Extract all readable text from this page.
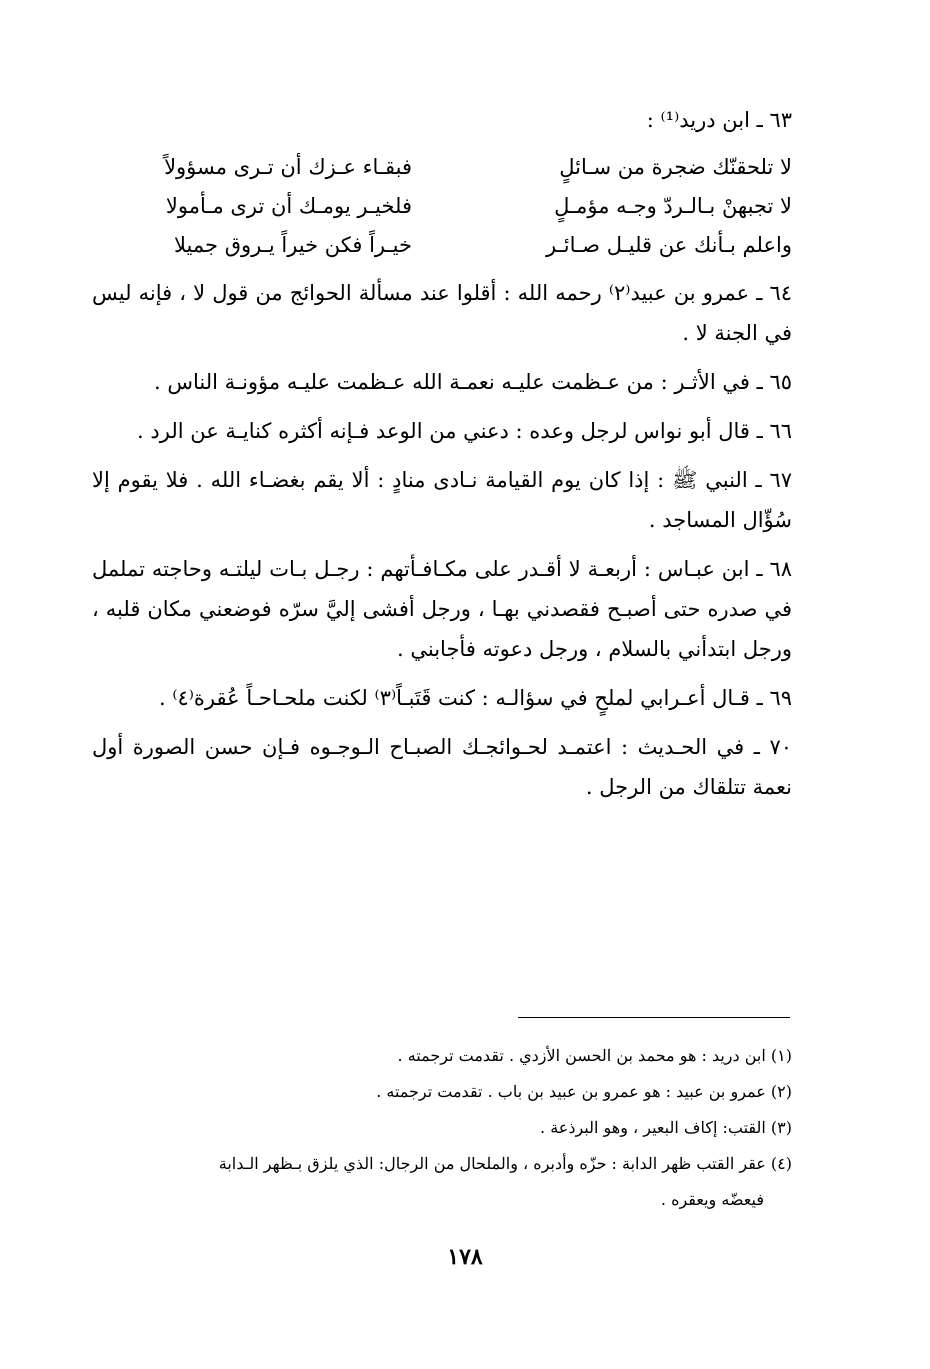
٦٣ ـ ابن دريد⁽¹⁾ :
لا تلحقنّك ضجرة من سـائلٍ
فبقـاء عـزك أن تـرى مسؤولاً
لا تجبهنْ بـالـردّ وجـه مؤمـلٍ
فلخيـر يومـك أن ترى مـأمولا
واعلم بـأنك عن قليـل صـائـر
خيـراً فكن خيراً يـروق جميلا

٦٤ ـ عمرو بن عبيد⁽٢⁾ رحمه الله : أقلوا عند مسألة الحوائج من قول لا ، فإنه ليس في الجنة لا .

٦٥ ـ في الأثـر : من عـظمت عليـه نعمـة الله عـظمت عليـه مؤونـة الناس .

٦٦ ـ قال أبو نواس لرجل وعده : دعني من الوعد فـإنه أكثره كنايـة عن الرد .

٦٧ ـ النبي ﷺ : إذا كان يوم القيامة نـادى منادٍ : ألا يقم بغضـاء الله . فلا يقوم إلا سُؤّال المساجد .

٦٨ ـ ابن عبـاس : أربعـة لا أقـدر على مكـافـأتهم : رجـل بـات ليلتـه وحاجته تململ في صدره حتى أصبـح فقصدني بهـا ، ورجل أفشى إليَّ سرّه فوضعني مكان قلبه ، ورجل ابتدأني بالسلام ، ورجل دعوته فأجابني .

٦٩ ـ قـال أعـرابي لملحٍ في سؤالـه : كنت قَتَبـاً⁽٣⁾ لكنت ملحـاحـاً عُقرة⁽٤⁾ .

٧٠ ـ في الحـديث : اعتمـد لحـوائجـك الصبـاح الـوجـوه فـإن حسن الصورة أول نعمة تتلقاك من الرجل .

(١) ابن دريد : هو محمد بن الحسن الأزدي . تقدمت ترجمته .
(٢) عمرو بن عبيد : هو عمرو بن عبيد بن باب . تقدمت ترجمته .
(٣) القتب: إكاف البعير ، وهو البرذعة .
(٤) عقر القتب ظهر الدابة : حزّه وأدبره ، والملحال من الرجال: الذي يلزق بـظهر الـدابة
فيعضّه ويعقره .
١٧٨
